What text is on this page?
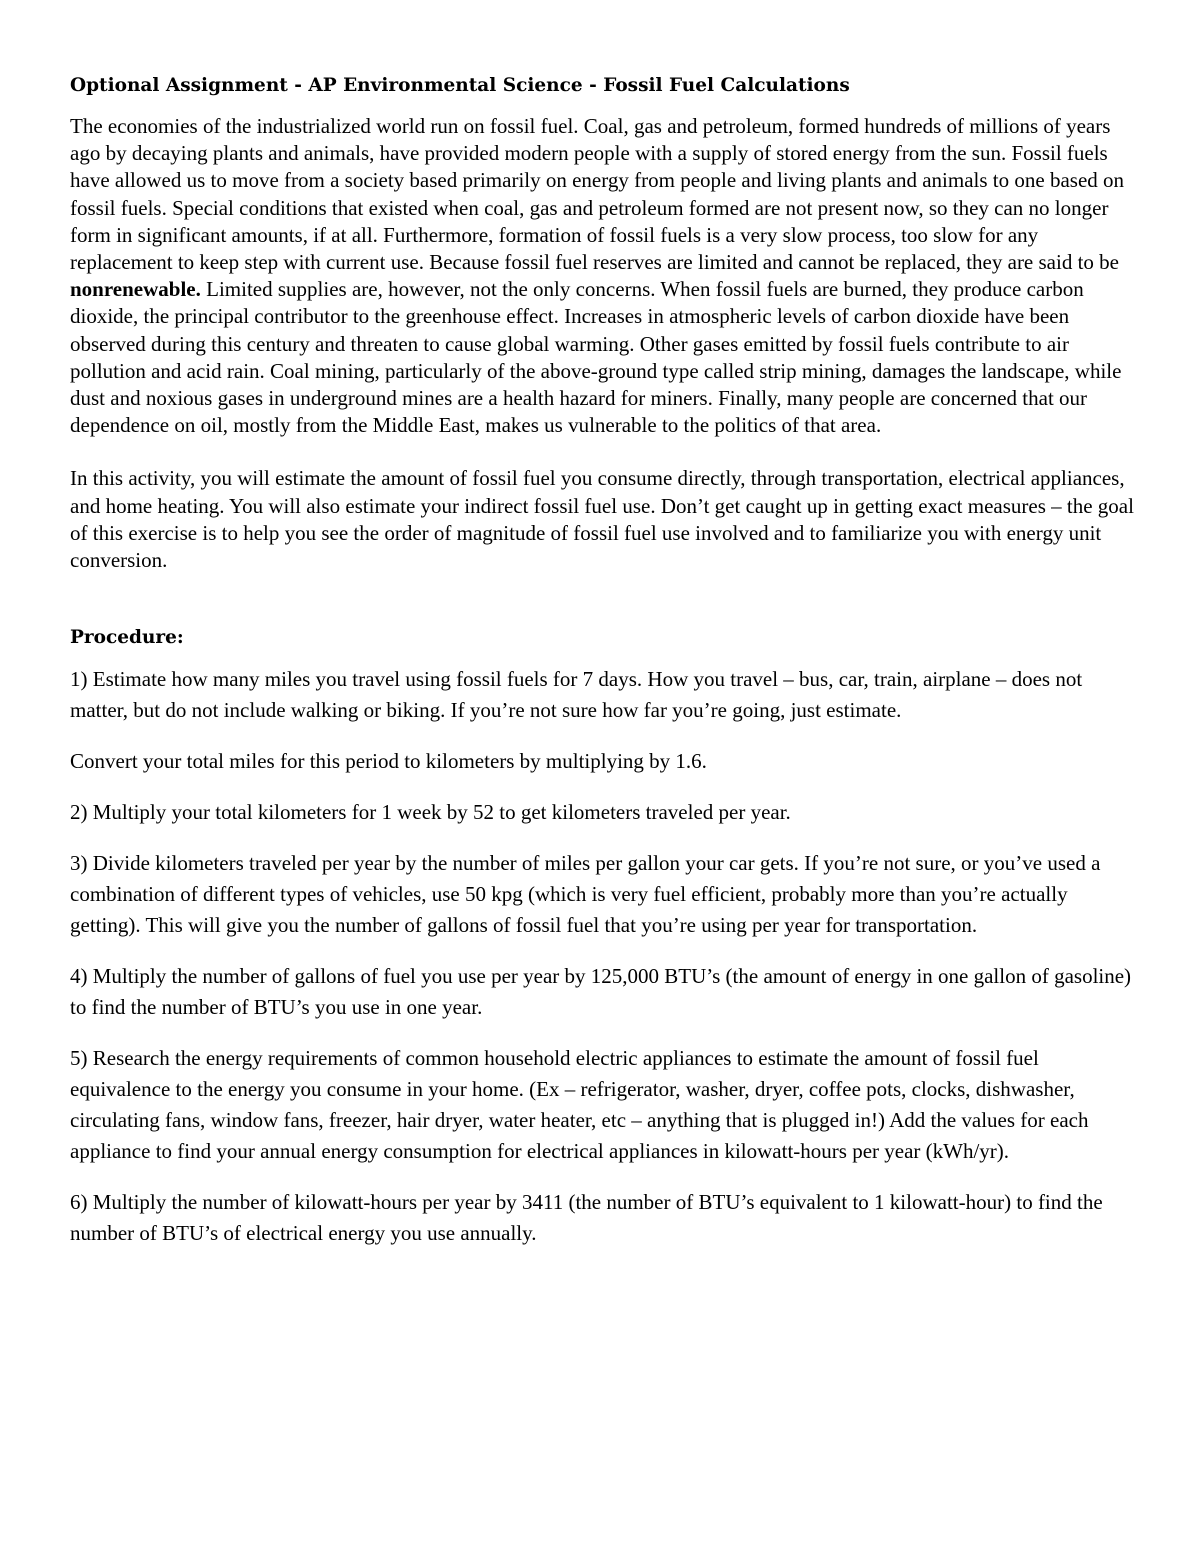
Optional Assignment - AP Environmental Science - Fossil Fuel Calculations

The economies of the industrialized world run on fossil fuel. Coal, gas and petroleum, formed hundreds of millions of years ago by decaying plants and animals, have provided modern people with a supply of stored energy from the sun. Fossil fuels have allowed us to move from a society based primarily on energy from people and living plants and animals to one based on fossil fuels. Special conditions that existed when coal, gas and petroleum formed are not present now, so they can no longer form in significant amounts, if at all. Furthermore, formation of fossil fuels is a very slow process, too slow for any replacement to keep step with current use. Because fossil fuel reserves are limited and cannot be replaced, they are said to be nonrenewable. Limited supplies are, however, not the only concerns. When fossil fuels are burned, they produce carbon dioxide, the principal contributor to the greenhouse effect. Increases in atmospheric levels of carbon dioxide have been observed during this century and threaten to cause global warming. Other gases emitted by fossil fuels contribute to air pollution and acid rain. Coal mining, particularly of the above-ground type called strip mining, damages the landscape, while dust and noxious gases in underground mines are a health hazard for miners. Finally, many people are concerned that our dependence on oil, mostly from the Middle East, makes us vulnerable to the politics of that area.

In this activity, you will estimate the amount of fossil fuel you consume directly, through transportation, electrical appliances, and home heating. You will also estimate your indirect fossil fuel use. Don’t get caught up in getting exact measures – the goal of this exercise is to help you see the order of magnitude of fossil fuel use involved and to familiarize you with energy unit conversion.

Procedure:

1) Estimate how many miles you travel using fossil fuels for 7 days. How you travel – bus, car, train, airplane – does not matter, but do not include walking or biking. If you’re not sure how far you’re going, just estimate.

Convert your total miles for this period to kilometers by multiplying by 1.6.

2) Multiply your total kilometers for 1 week by 52 to get kilometers traveled per year.

3) Divide kilometers traveled per year by the number of miles per gallon your car gets. If you’re not sure, or you’ve used a combination of different types of vehicles, use 50 kpg (which is very fuel efficient, probably more than you’re actually getting). This will give you the number of gallons of fossil fuel that you’re using per year for transportation.

4) Multiply the number of gallons of fuel you use per year by 125,000 BTU’s (the amount of energy in one gallon of gasoline) to find the number of BTU’s you use in one year.

5) Research the energy requirements of common household electric appliances to estimate the amount of fossil fuel equivalence to the energy you consume in your home. (Ex – refrigerator, washer, dryer, coffee pots, clocks, dishwasher, circulating fans, window fans, freezer, hair dryer, water heater, etc – anything that is plugged in!) Add the values for each appliance to find your annual energy consumption for electrical appliances in kilowatt-hours per year (kWh/yr).

6) Multiply the number of kilowatt-hours per year by 3411 (the number of BTU’s equivalent to 1 kilowatt-hour) to find the number of BTU’s of electrical energy you use annually.
